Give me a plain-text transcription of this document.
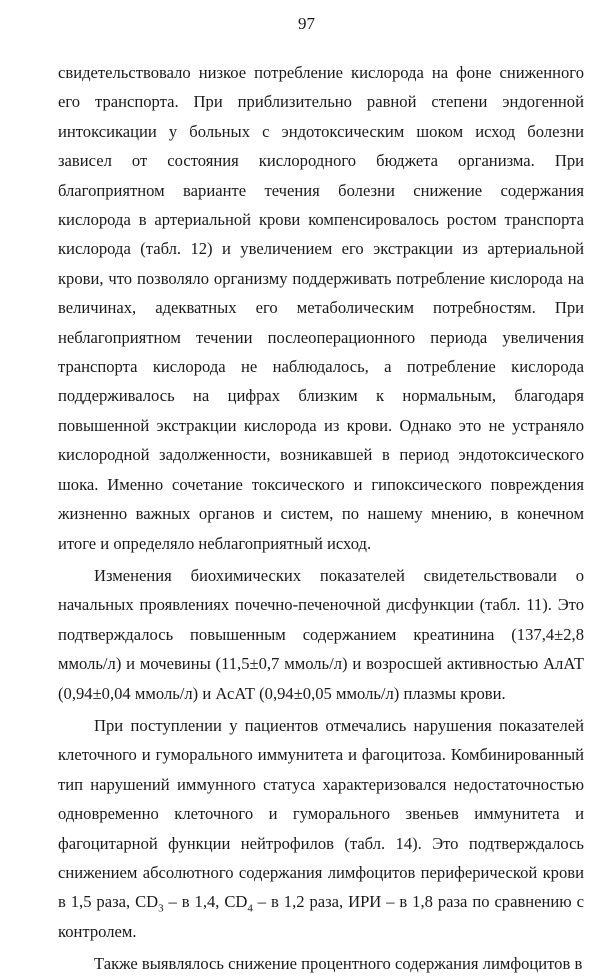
97

свидетельствовало низкое потребление кислорода на фоне сниженного его транспорта. При приблизительно равной степени эндогенной интоксикации у больных с эндотоксическим шоком исход болезни зависел от состояния кислородного бюджета организма. При благоприятном варианте течения болезни снижение содержания кислорода в артериальной крови компенсировалось ростом транспорта кислорода (табл. 12) и увеличением его экстракции из артериальной крови, что позволяло организму поддерживать потребление кислорода на величинах, адекватных его метаболическим потребностям. При неблагоприятном течении послеоперационного периода увеличения транспорта кислорода не наблюдалось, а потребление кислорода поддерживалось на цифрах близким к нормальным, благодаря повышенной экстракции кислорода из крови. Однако это не устраняло кислородной задолженности, возникавшей в период эндотоксического шока. Именно сочетание токсического и гипоксического повреждения жизненно важных органов и систем, по нашему мнению, в конечном итоге и определяло неблагоприятный исход.

Изменения биохимических показателей свидетельствовали о начальных проявлениях почечно-печеночной дисфункции (табл. 11). Это подтверждалось повышенным содержанием креатинина (137,4±2,8 ммоль/л) и мочевины (11,5±0,7 ммоль/л) и возросшей активностью АлАТ (0,94±0,04 ммоль/л) и АсАТ (0,94±0,05 ммоль/л) плазмы крови.

При поступлении у пациентов отмечались нарушения показателей клеточного и гуморального иммунитета и фагоцитоза. Комбинированный тип нарушений иммунного статуса характеризовался недостаточностью одновременно клеточного и гуморального звеньев иммунитета и фагоцитарной функции нейтрофилов (табл. 14). Это подтверждалось снижением абсолютного содержания лимфоцитов периферической крови в 1,5 раза, $CD_3$ – в 1,4, $CD_4$ – в 1,2 раза, ИРИ – в 1,8 раза по сравнению с контролем.

Также выявлялось снижение процентного содержания лимфоцитов в
